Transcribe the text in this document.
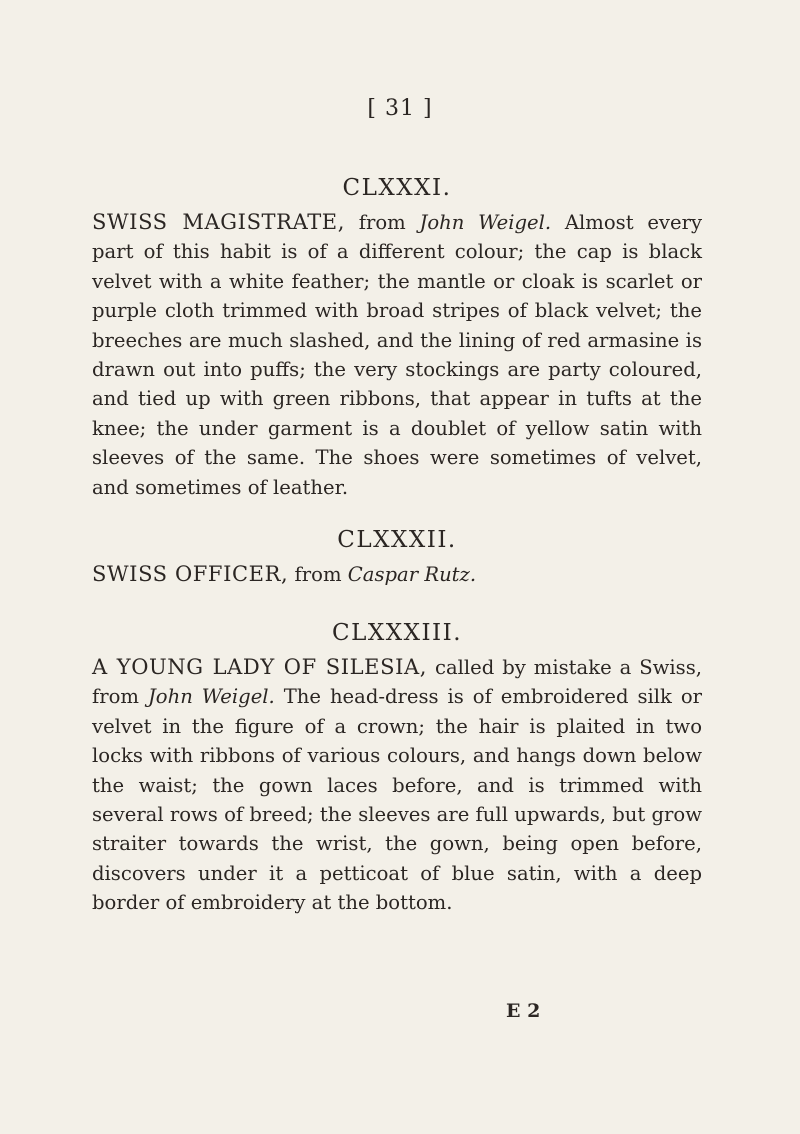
[ 31 ]
CLXXXI.
SWISS MAGISTRATE, from John Weigel. Almost every part of this habit is of a different colour; the cap is black velvet with a white feather; the mantle or cloak is scarlet or purple cloth trimmed with broad stripes of black velvet; the breeches are much slashed, and the lining of red armasine is drawn out into puffs; the very stockings are party coloured, and tied up with green ribbons, that appear in tufts at the knee; the under garment is a doublet of yellow satin with sleeves of the same. The shoes were sometimes of velvet, and sometimes of leather.
CLXXXII.
SWISS OFFICER, from Caspar Rutz.
CLXXXIII.
A YOUNG LADY OF SILESIA, called by mistake a Swiss, from John Weigel. The head-dress is of embroidered silk or velvet in the figure of a crown; the hair is plaited in two locks with ribbons of various colours, and hangs down below the waist; the gown laces before, and is trimmed with several rows of breed; the sleeves are full upwards, but grow straiter towards the wrist, the gown, being open before, discovers under it a petticoat of blue satin, with a deep border of embroidery at the bottom.
E 2
